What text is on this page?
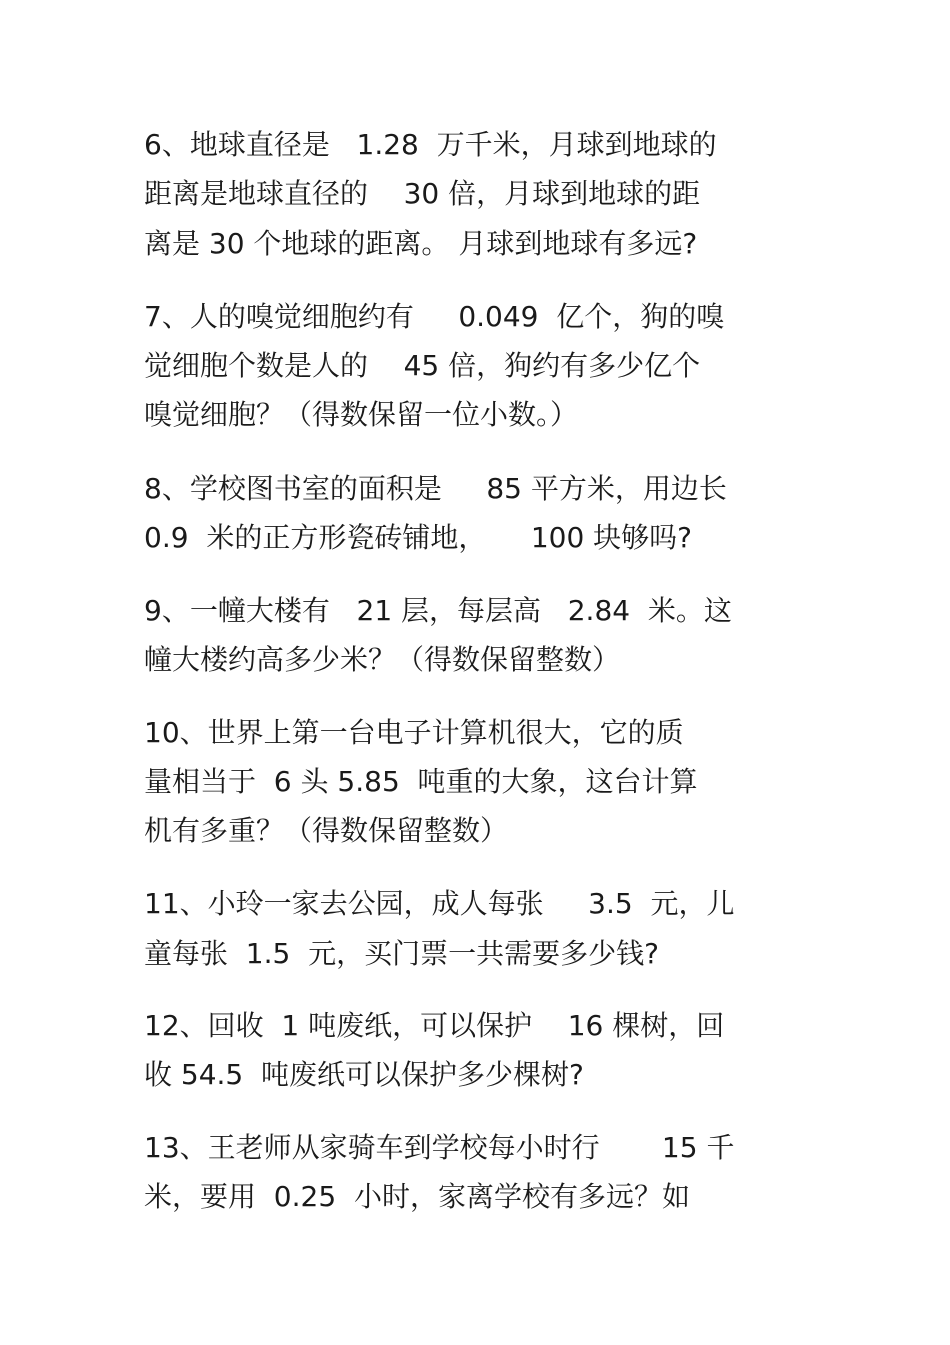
6、地球直径是   1.28  万千米，月球到地球的
距离是地球直径的    30 倍，月球到地球的距
离是 30 个地球的距离。 月球到地球有多远?
7、人的嗅觉细胞约有     0.049  亿个，狗的嗅
觉细胞个数是人的    45 倍，狗约有多少亿个
嗅觉细胞？（得数保留一位小数。）
8、学校图书室的面积是     85 平方米，用边长
0.9  米的正方形瓷砖铺地，     100 块够吗?
9、一幢大楼有   21 层，每层高   2.84  米。这
幢大楼约高多少米？（得数保留整数）
10、世界上第一台电子计算机很大，它的质
量相当于  6 头 5.85  吨重的大象，这台计算
机有多重？（得数保留整数）
11、小玲一家去公园，成人每张     3.5  元，儿
童每张  1.5  元，买门票一共需要多少钱?
12、回收  1 吨废纸，可以保护    16 棵树，回
收 54.5  吨废纸可以保护多少棵树?
13、王老师从家骑车到学校每小时行       15 千
米，要用  0.25  小时，家离学校有多远？如
